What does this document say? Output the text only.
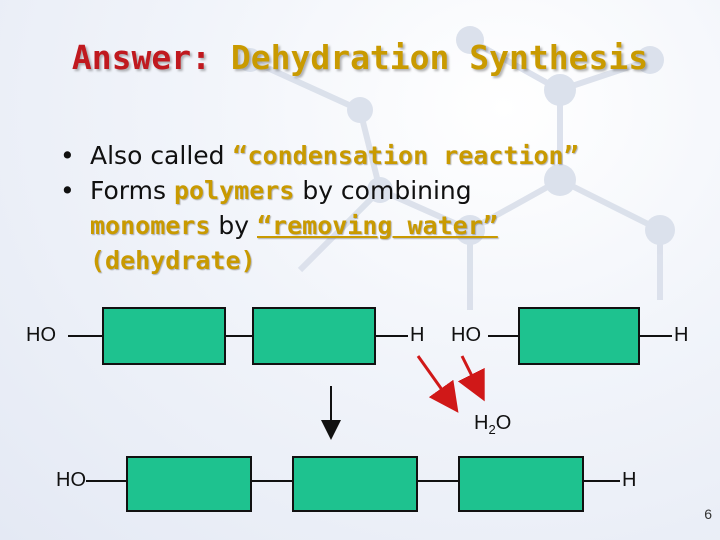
Answer: Dehydration Synthesis
• Also called “condensation reaction”
• Forms polymers by combining
monomers by “removing water”
(dehydrate)
HO	H HO	H
$H_2O$
HO	H
6
